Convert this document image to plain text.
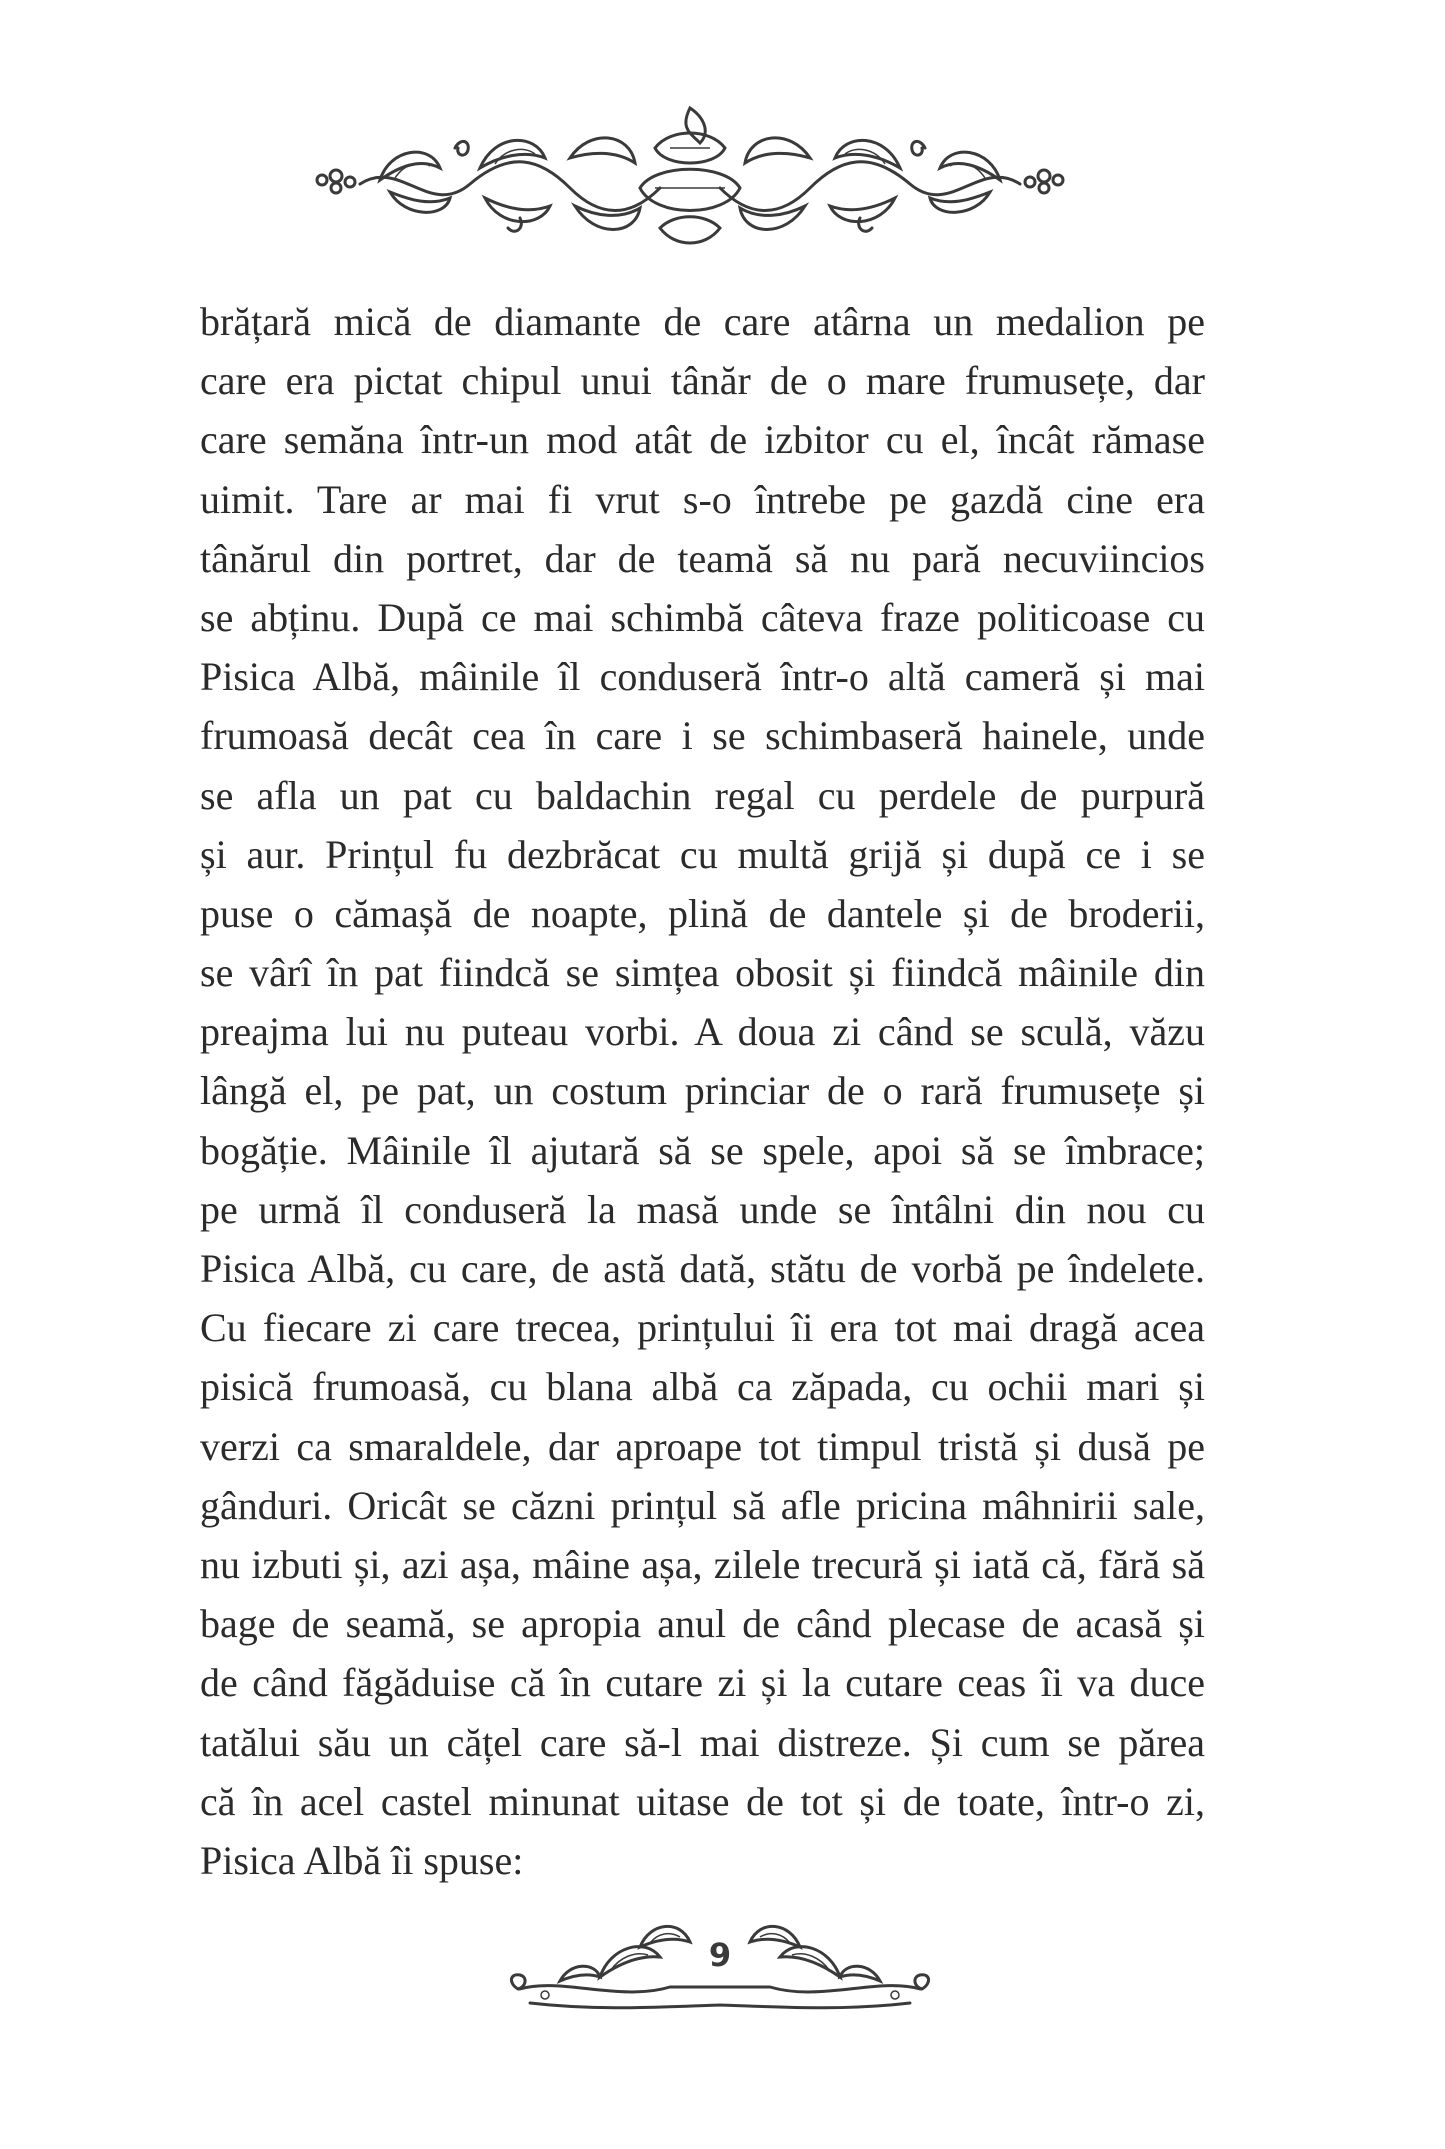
brățară mică de diamante de care atârna un medalion pe
care era pictat chipul unui tânăr de o mare frumusețe, dar
care semăna într-un mod atât de izbitor cu el, încât rămase
uimit. Tare ar mai fi vrut s-o întrebe pe gazdă cine era
tânărul din portret, dar de teamă să nu pară necuviincios
se abținu. După ce mai schimbă câteva fraze politicoase cu
Pisica Albă, mâinile îl conduseră într-o altă cameră și mai
frumoasă decât cea în care i se schimbaseră hainele, unde
se afla un pat cu baldachin regal cu perdele de purpură
și aur. Prințul fu dezbrăcat cu multă grijă și după ce i se
puse o cămașă de noapte, plină de dantele și de broderii,
se vârî în pat fiindcă se simțea obosit și fiindcă mâinile din
preajma lui nu puteau vorbi. A doua zi când se sculă, văzu
lângă el, pe pat, un costum princiar de o rară frumusețe și
bogăție. Mâinile îl ajutară să se spele, apoi să se îmbrace;
pe urmă îl conduseră la masă unde se întâlni din nou cu
Pisica Albă, cu care, de astă dată, stătu de vorbă pe îndelete.
Cu fiecare zi care trecea, prințului îi era tot mai dragă acea
pisică frumoasă, cu blana albă ca zăpada, cu ochii mari și
verzi ca smaraldele, dar aproape tot timpul tristă și dusă pe
gânduri. Oricât se căzni prințul să afle pricina mâhnirii sale,
nu izbuti și, azi așa, mâine așa, zilele trecură și iată că, fără să
bage de seamă, se apropia anul de când plecase de acasă și
de când făgăduise că în cutare zi și la cutare ceas îi va duce
tatălui său un cățel care să-l mai distreze. Și cum se părea
că în acel castel minunat uitase de tot și de toate, într-o zi,
Pisica Albă îi spuse:
9
